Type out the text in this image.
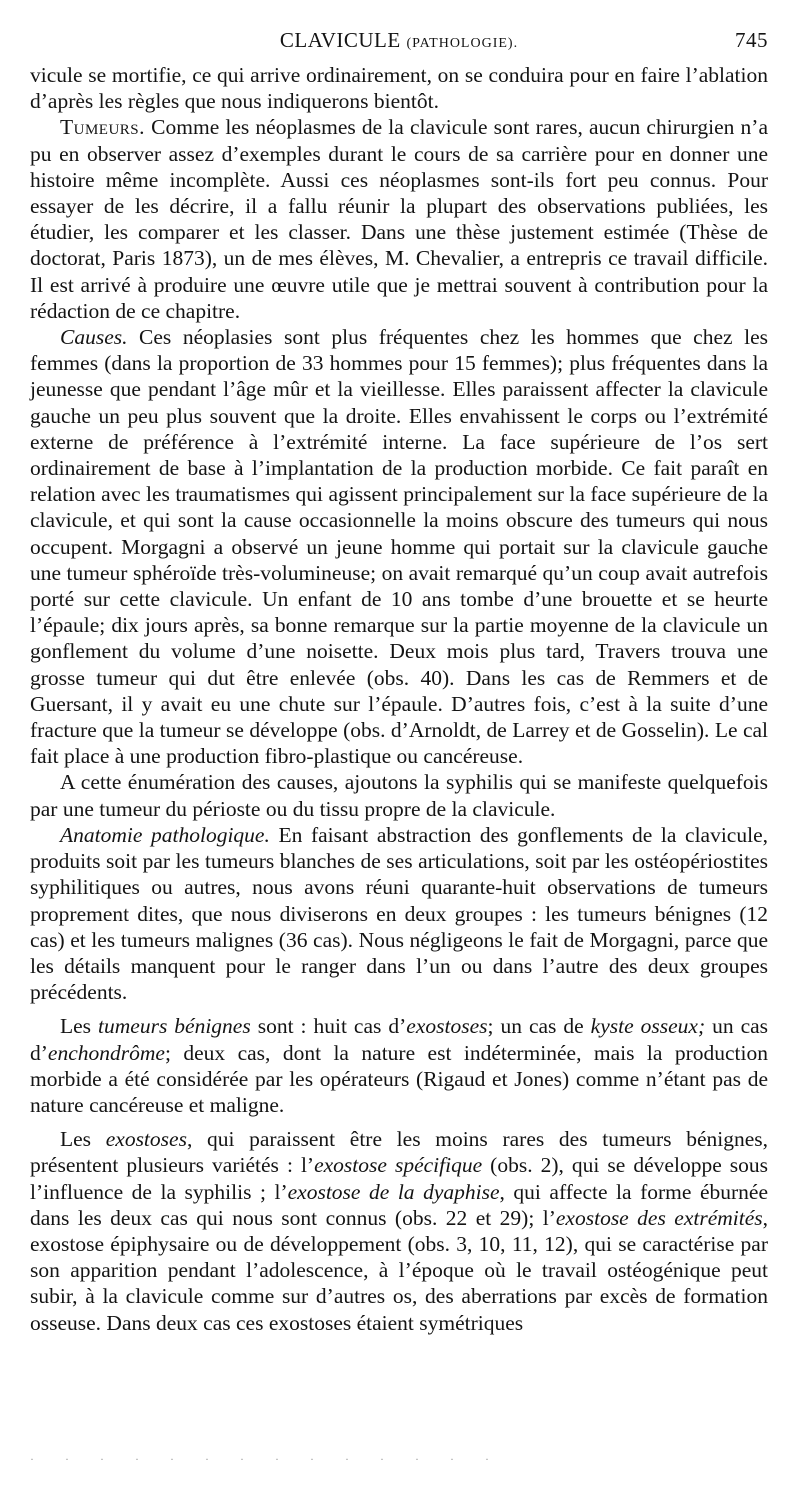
CLAVICULE (PATHOLOGIE).	745

vicule se mortifie, ce qui arrive ordinairement, on se conduira pour en faire l’ablation d’après les règles que nous indiquerons bientôt.

Tumeurs. Comme les néoplasmes de la clavicule sont rares, aucun chirurgien n’a pu en observer assez d’exemples durant le cours de sa carrière pour en donner une histoire même incomplète. Aussi ces néoplasmes sont-ils fort peu connus. Pour essayer de les décrire, il a fallu réunir la plupart des observations publiées, les étudier, les comparer et les classer. Dans une thèse justement estimée (Thèse de doctorat, Paris 1873), un de mes élèves, M. Chevalier, a entrepris ce travail difficile. Il est arrivé à produire une œuvre utile que je mettrai souvent à contribution pour la rédaction de ce chapitre.

Causes. Ces néoplasies sont plus fréquentes chez les hommes que chez les femmes (dans la proportion de 33 hommes pour 15 femmes); plus fréquentes dans la jeunesse que pendant l’âge mûr et la vieillesse. Elles paraissent affecter la clavicule gauche un peu plus souvent que la droite. Elles envahissent le corps ou l’extrémité externe de préférence à l’extrémité interne. La face supérieure de l’os sert ordinairement de base à l’implantation de la production morbide. Ce fait paraît en relation avec les traumatismes qui agissent principalement sur la face supérieure de la clavicule, et qui sont la cause occasionnelle la moins obscure des tumeurs qui nous occupent. Morgagni a observé un jeune homme qui portait sur la clavicule gauche une tumeur sphéroïde très-volumineuse; on avait remarqué qu’un coup avait autrefois porté sur cette clavicule. Un enfant de 10 ans tombe d’une brouette et se heurte l’épaule; dix jours après, sa bonne remarque sur la partie moyenne de la clavicule un gonflement du volume d’une noisette. Deux mois plus tard, Travers trouva une grosse tumeur qui dut être enlevée (obs. 40). Dans les cas de Remmers et de Guersant, il y avait eu une chute sur l’épaule. D’autres fois, c’est à la suite d’une fracture que la tumeur se développe (obs. d’Arnoldt, de Larrey et de Gosselin). Le cal fait place à une production fibro-plastique ou cancéreuse.

A cette énumération des causes, ajoutons la syphilis qui se manifeste quelquefois par une tumeur du périoste ou du tissu propre de la clavicule.

Anatomie pathologique. En faisant abstraction des gonflements de la clavicule, produits soit par les tumeurs blanches de ses articulations, soit par les ostéopériostites syphilitiques ou autres, nous avons réuni quarante-huit observations de tumeurs proprement dites, que nous diviserons en deux groupes : les tumeurs bénignes (12 cas) et les tumeurs malignes (36 cas). Nous négligeons le fait de Morgagni, parce que les détails manquent pour le ranger dans l’un ou dans l’autre des deux groupes précédents.

Les tumeurs bénignes sont : huit cas d’exostoses; un cas de kyste osseux; un cas d’enchondrôme; deux cas, dont la nature est indéterminée, mais la production morbide a été considérée par les opérateurs (Rigaud et Jones) comme n’étant pas de nature cancéreuse et maligne.

Les exostoses, qui paraissent être les moins rares des tumeurs bénignes, présentent plusieurs variétés : l’exostose spécifique (obs. 2), qui se développe sous l’influence de la syphilis ; l’exostose de la dyaphise, qui affecte la forme éburnée dans les deux cas qui nous sont connus (obs. 22 et 29); l’exostose des extrémités, exostose épiphysaire ou de développement (obs. 3, 10, 11, 12), qui se caractérise par son apparition pendant l’adolescence, à l’époque où le travail ostéogénique peut subir, à la clavicule comme sur d’autres os, des aberrations par excès de formation osseuse. Dans deux cas ces exostoses étaient symétriques

· · · · · · · · · · · · · ·
